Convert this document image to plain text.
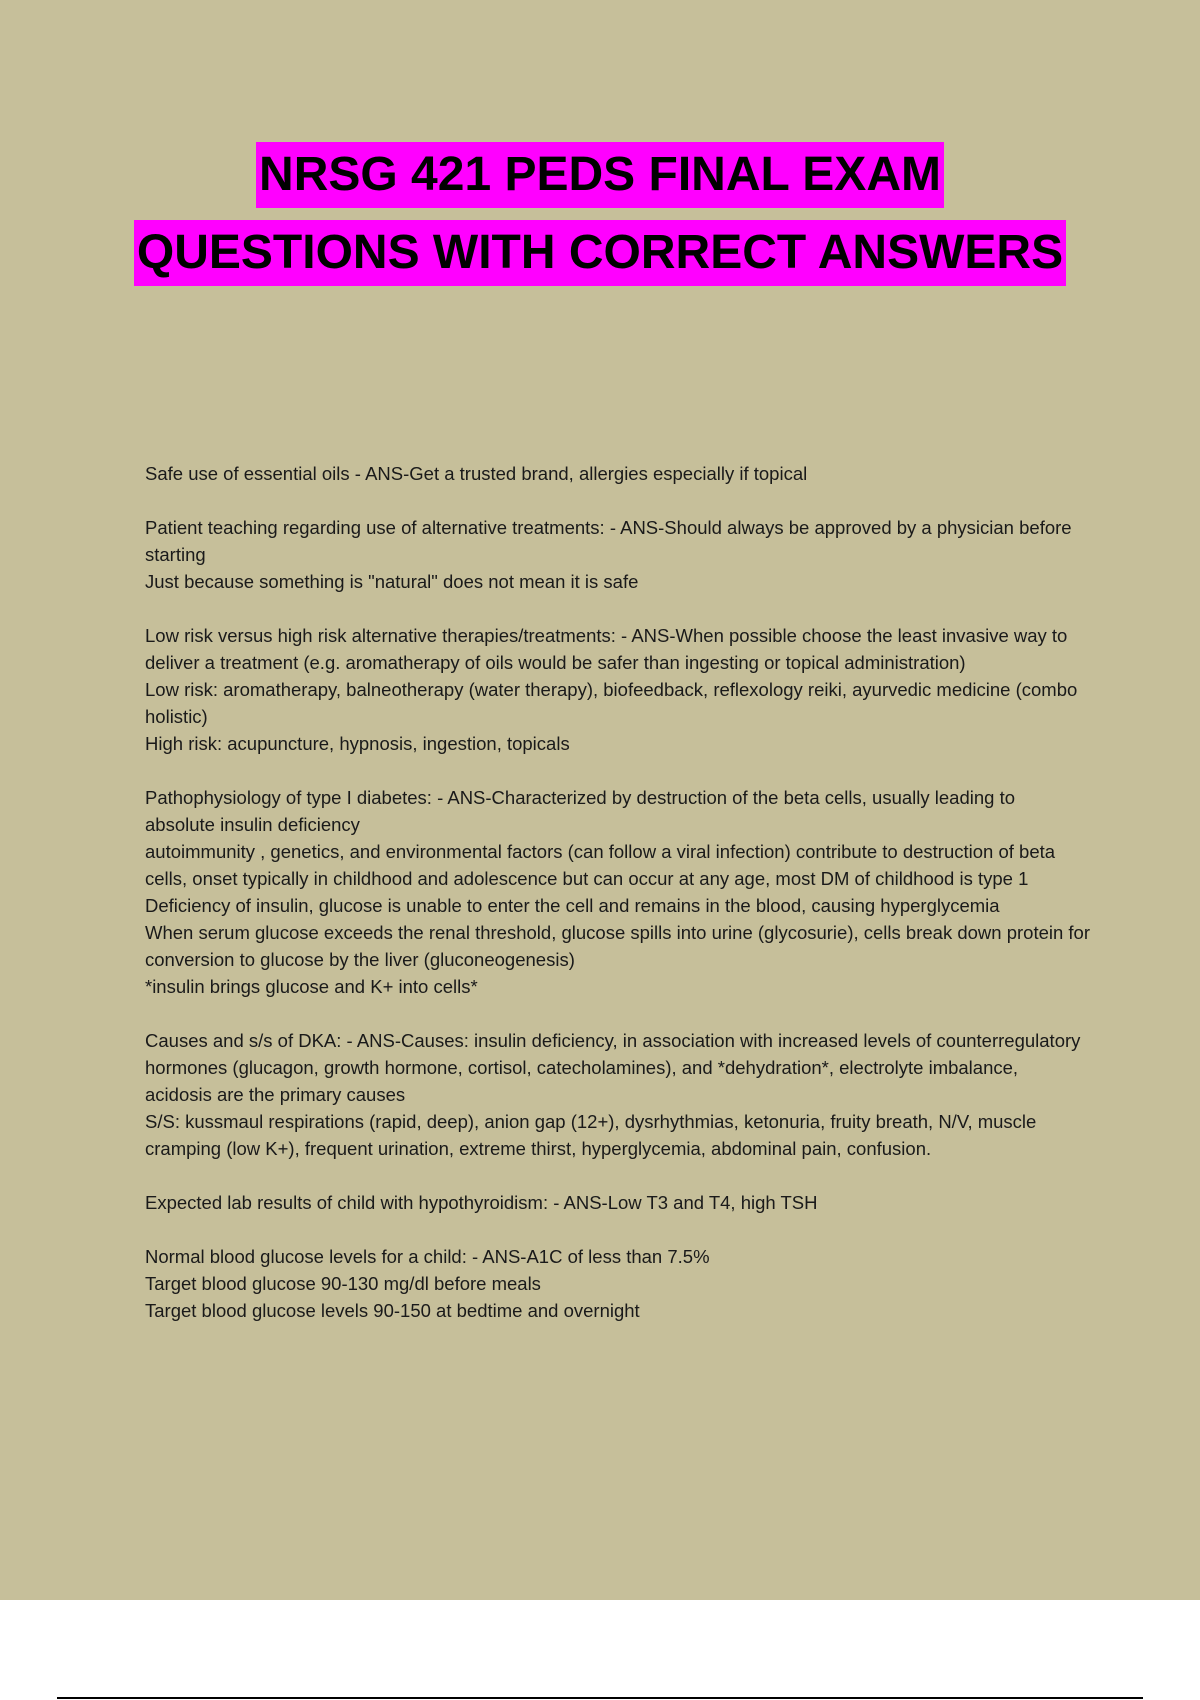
NRSG 421 PEDS FINAL EXAM
QUESTIONS WITH CORRECT ANSWERS

Safe use of essential oils - ANS-Get a trusted brand, allergies especially if topical

Patient teaching regarding use of alternative treatments: - ANS-Should always be approved by a physician before starting

Just because something is "natural" does not mean it is safe

Low risk versus high risk alternative therapies/treatments: - ANS-When possible choose the least invasive way to deliver a treatment (e.g. aromatherapy of oils would be safer than ingesting or topical administration)

Low risk: aromatherapy, balneotherapy (water therapy), biofeedback, reflexology reiki, ayurvedic medicine (combo holistic)

High risk: acupuncture, hypnosis, ingestion, topicals

Pathophysiology of type I diabetes: - ANS-Characterized by destruction of the beta cells, usually leading to absolute insulin deficiency

autoimmunity , genetics, and environmental factors (can follow a viral infection) contribute to destruction of beta cells, onset typically in childhood and adolescence but can occur at any age, most DM of childhood is type 1

Deficiency of insulin, glucose is unable to enter the cell and remains in the blood, causing hyperglycemia

When serum glucose exceeds the renal threshold, glucose spills into urine (glycosurie), cells break down protein for conversion to glucose by the liver (gluconeogenesis)

*insulin brings glucose and K+ into cells*

Causes and s/s of DKA: - ANS-Causes: insulin deficiency, in association with increased levels of counterregulatory hormones (glucagon, growth hormone, cortisol, catecholamines), and *dehydration*, electrolyte imbalance, acidosis are the primary causes

S/S: kussmaul respirations (rapid, deep), anion gap (12+), dysrhythmias, ketonuria, fruity breath, N/V, muscle cramping (low K+), frequent urination, extreme thirst, hyperglycemia, abdominal pain, confusion.

Expected lab results of child with hypothyroidism: - ANS-Low T3 and T4, high TSH

Normal blood glucose levels for a child: - ANS-A1C of less than 7.5%

Target blood glucose 90-130 mg/dl before meals

Target blood glucose levels 90-150 at bedtime and overnight
